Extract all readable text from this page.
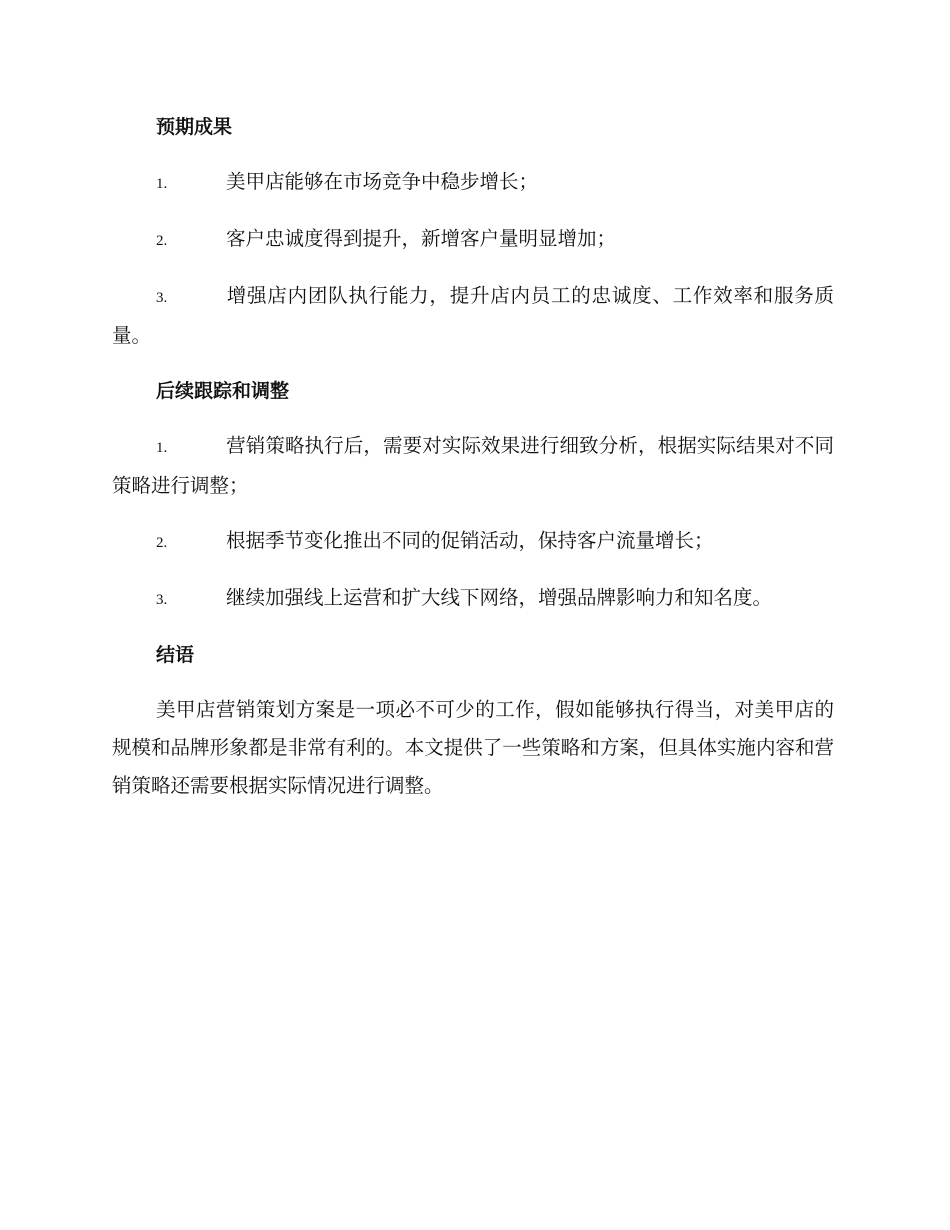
预期成果
1.	美甲店能够在市场竞争中稳步增长；
2.	客户忠诚度得到提升，新增客户量明显增加；
3.	增强店内团队执行能力，提升店内员工的忠诚度、工作效率和服务质量。
后续跟踪和调整
1.	营销策略执行后，需要对实际效果进行细致分析，根据实际结果对不同策略进行调整；
2.	根据季节变化推出不同的促销活动，保持客户流量增长；
3.	继续加强线上运营和扩大线下网络，增强品牌影响力和知名度。
结语
美甲店营销策划方案是一项必不可少的工作，假如能够执行得当，对美甲店的规模和品牌形象都是非常有利的。本文提供了一些策略和方案，但具体实施内容和营销策略还需要根据实际情况进行调整。
